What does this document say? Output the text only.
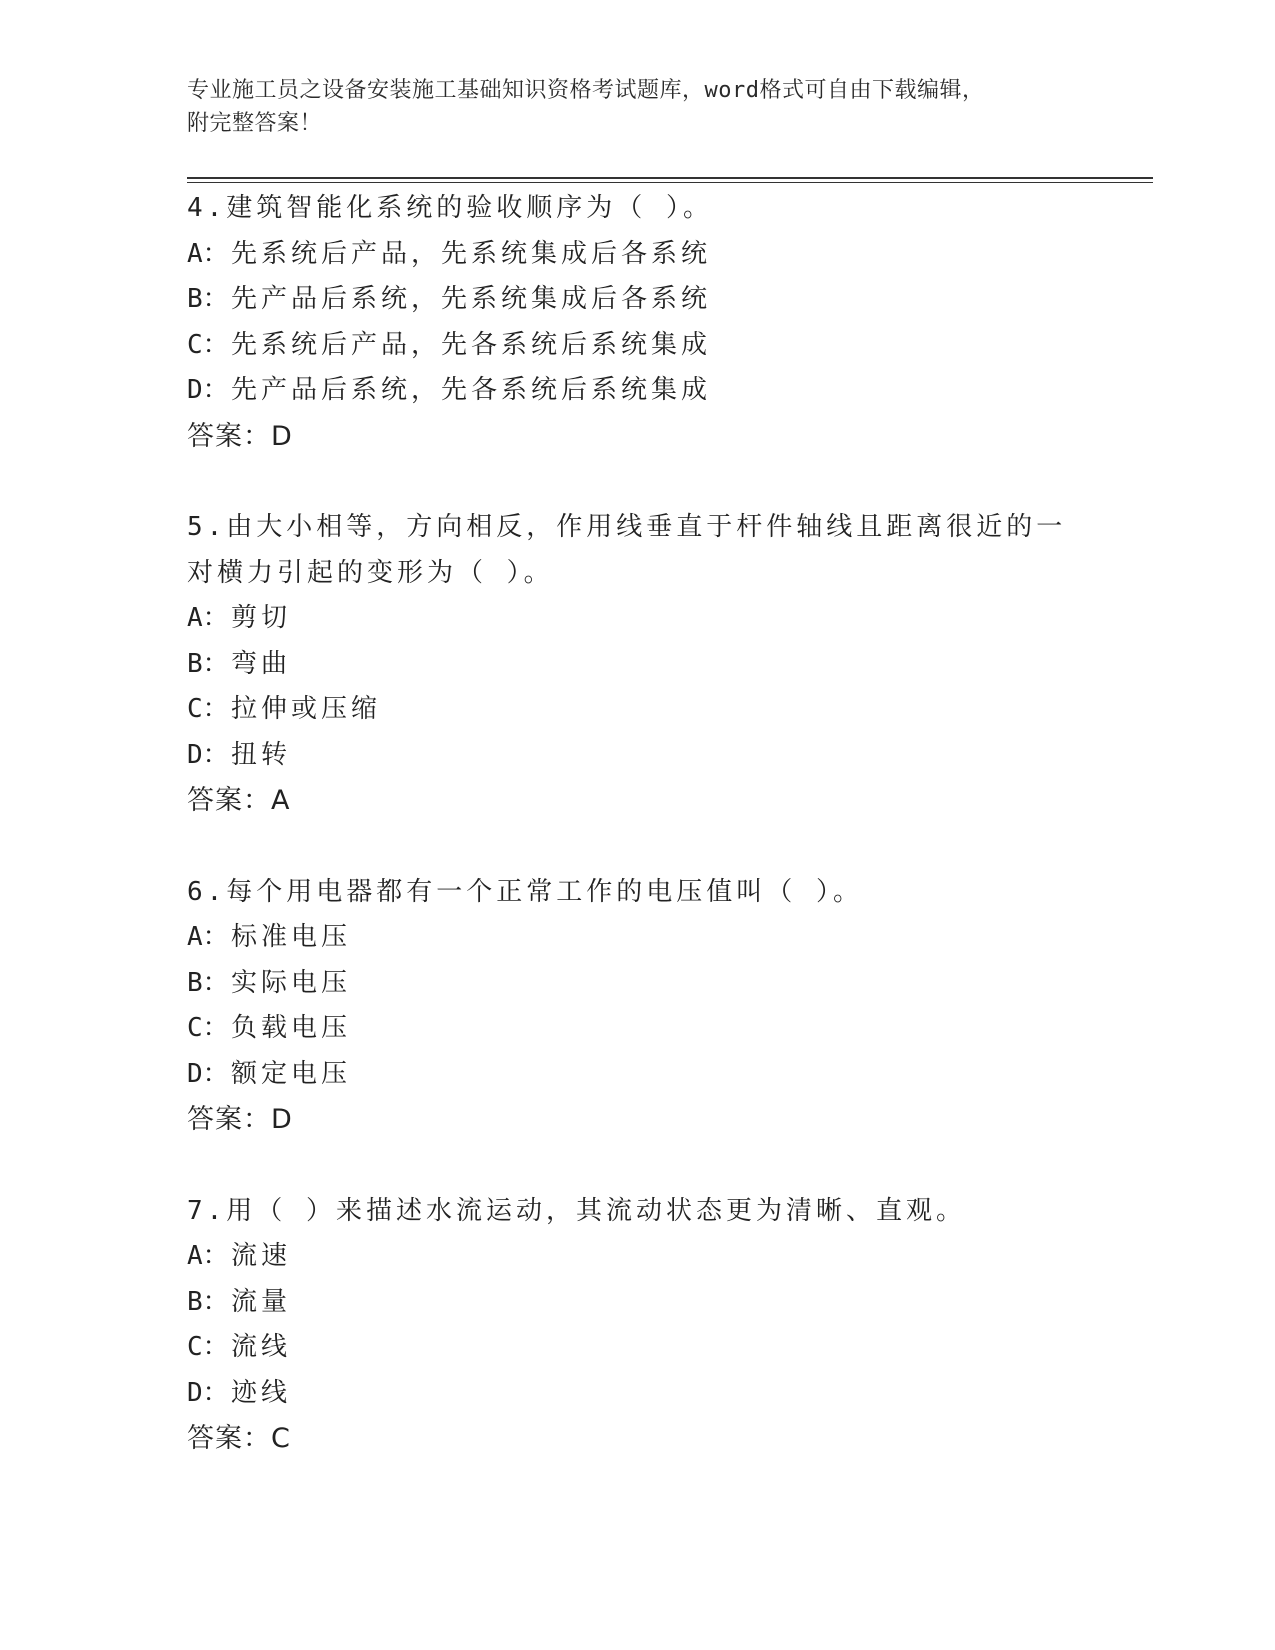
专业施工员之设备安装施工基础知识资格考试题库，word格式可自由下载编辑，
附完整答案！
4.建筑智能化系统的验收顺序为（ ）。
A：先系统后产品，先系统集成后各系统
B：先产品后系统，先系统集成后各系统
C：先系统后产品，先各系统后系统集成
D：先产品后系统，先各系统后系统集成
答案：D
5.由大小相等，方向相反，作用线垂直于杆件轴线且距离很近的一对横力引起的变形为（ ）。
A：剪切
B：弯曲
C：拉伸或压缩
D：扭转
答案：A
6.每个用电器都有一个正常工作的电压值叫（ ）。
A：标准电压
B：实际电压
C：负载电压
D：额定电压
答案：D
7.用（ ）来描述水流运动，其流动状态更为清晰、直观。
A：流速
B：流量
C：流线
D：迹线
答案：C
